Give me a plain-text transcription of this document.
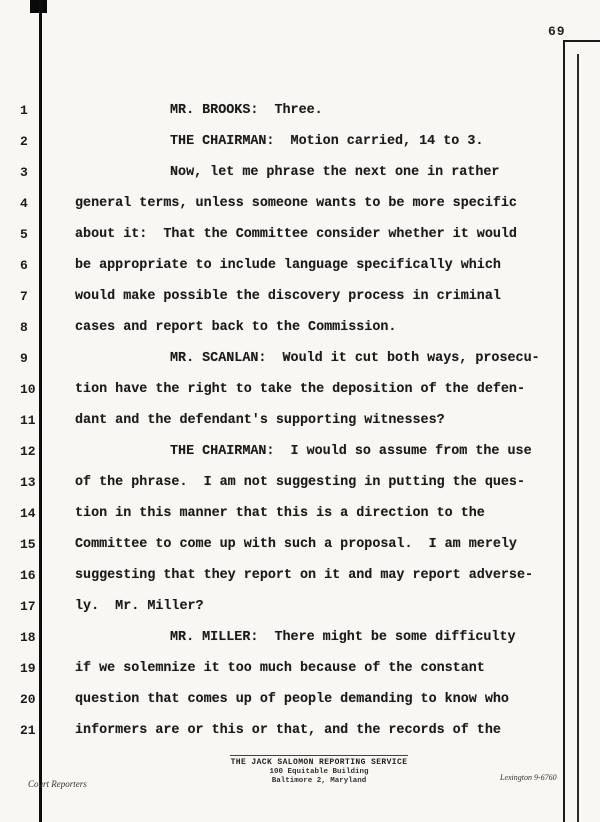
69
1	MR. BROOKS:  Three.
2	THE CHAIRMAN:  Motion carried, 14 to 3.
3	Now, let me phrase the next one in rather
4	general terms, unless someone wants to be more specific
5	about it:  That the Committee consider whether it would
6	be appropriate to include language specifically which
7	would make possible the discovery process in criminal
8	cases and report back to the Commission.
9	MR. SCANLAN:  Would it cut both ways, prosecu-
10	tion have the right to take the deposition of the defen-
11	dant and the defendant's supporting witnesses?
12	THE CHAIRMAN:  I would so assume from the use
13	of the phrase.  I am not suggesting in putting the ques-
14	tion in this manner that this is a direction to the
15	Committee to come up with such a proposal.  I am merely
16	suggesting that they report on it and may report adverse-
17	ly.  Mr. Miller?
18	MR. MILLER:  There might be some difficulty
19	if we solemnize it too much because of the constant
20	question that comes up of people demanding to know who
21	informers are or this or that, and the records of the
Court Reporters
THE JACK SALOMON REPORTING SERVICE
100 Equitable Building
Baltimore 2, Maryland	Lexington 9-6760
